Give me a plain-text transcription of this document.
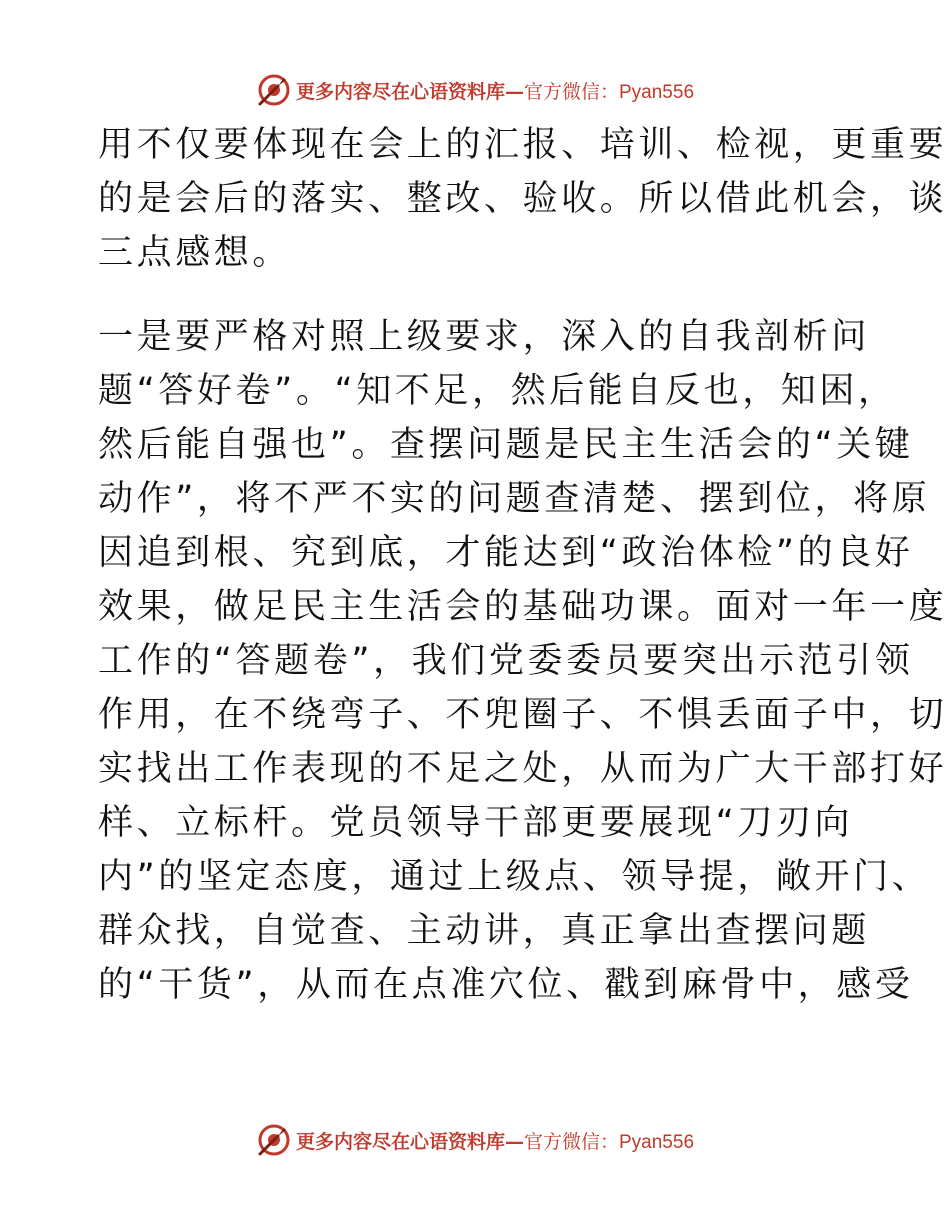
更多内容尽在心语资料库— 官方微信：Pyan556
用不仅要体现在会上的汇报、培训、检视，更重要
的是会后的落实、整改、验收。所以借此机会，谈
三点感想。
一是要严格对照上级要求，深入的自我剖析问
题“答好卷”。“知不足，然后能自反也，知困，
然后能自强也”。查摆问题是民主生活会的“关键
动作”，将不严不实的问题查清楚、摆到位，将原
因追到根、究到底，才能达到“政治体检”的良好
效果，做足民主生活会的基础功课。面对一年一度
工作的“答题卷”，我们党委委员要突出示范引领
作用，在不绕弯子、不兜圈子、不惧丢面子中，切
实找出工作表现的不足之处，从而为广大干部打好
样、立标杆。党员领导干部更要展现“刀刃向
内”的坚定态度，通过上级点、领导提，敞开门、
群众找，自觉查、主动讲，真正拿出查摆问题
的“干货”，从而在点准穴位、戳到麻骨中，感受
更多内容尽在心语资料库— 官方微信：Pyan556
